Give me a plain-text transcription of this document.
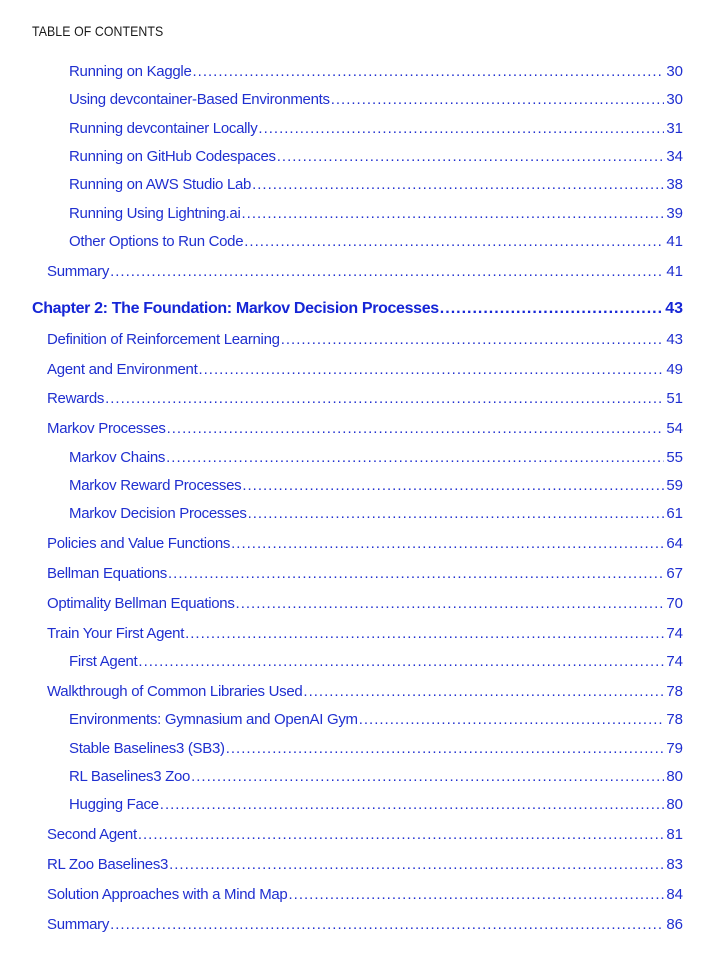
TABLE OF CONTENTS
Running on Kaggle .....	30
Using devcontainer-Based Environments .....	30
Running devcontainer Locally .....	31
Running on GitHub Codespaces .....	34
Running on AWS Studio Lab .....	38
Running Using Lightning.ai .....	39
Other Options to Run Code .....	41
Summary .....	41
Chapter 2: The Foundation: Markov Decision Processes .....	43
Definition of Reinforcement Learning .....	43
Agent and Environment .....	49
Rewards .....	51
Markov Processes .....	54
Markov Chains .....	55
Markov Reward Processes .....	59
Markov Decision Processes .....	61
Policies and Value Functions .....	64
Bellman Equations .....	67
Optimality Bellman Equations .....	70
Train Your First Agent .....	74
First Agent .....	74
Walkthrough of Common Libraries Used .....	78
Environments: Gymnasium and OpenAI Gym .....	78
Stable Baselines3 (SB3) .....	79
RL Baselines3 Zoo .....	80
Hugging Face .....	80
Second Agent .....	81
RL Zoo Baselines3 .....	83
Solution Approaches with a Mind Map .....	84
Summary .....	86
